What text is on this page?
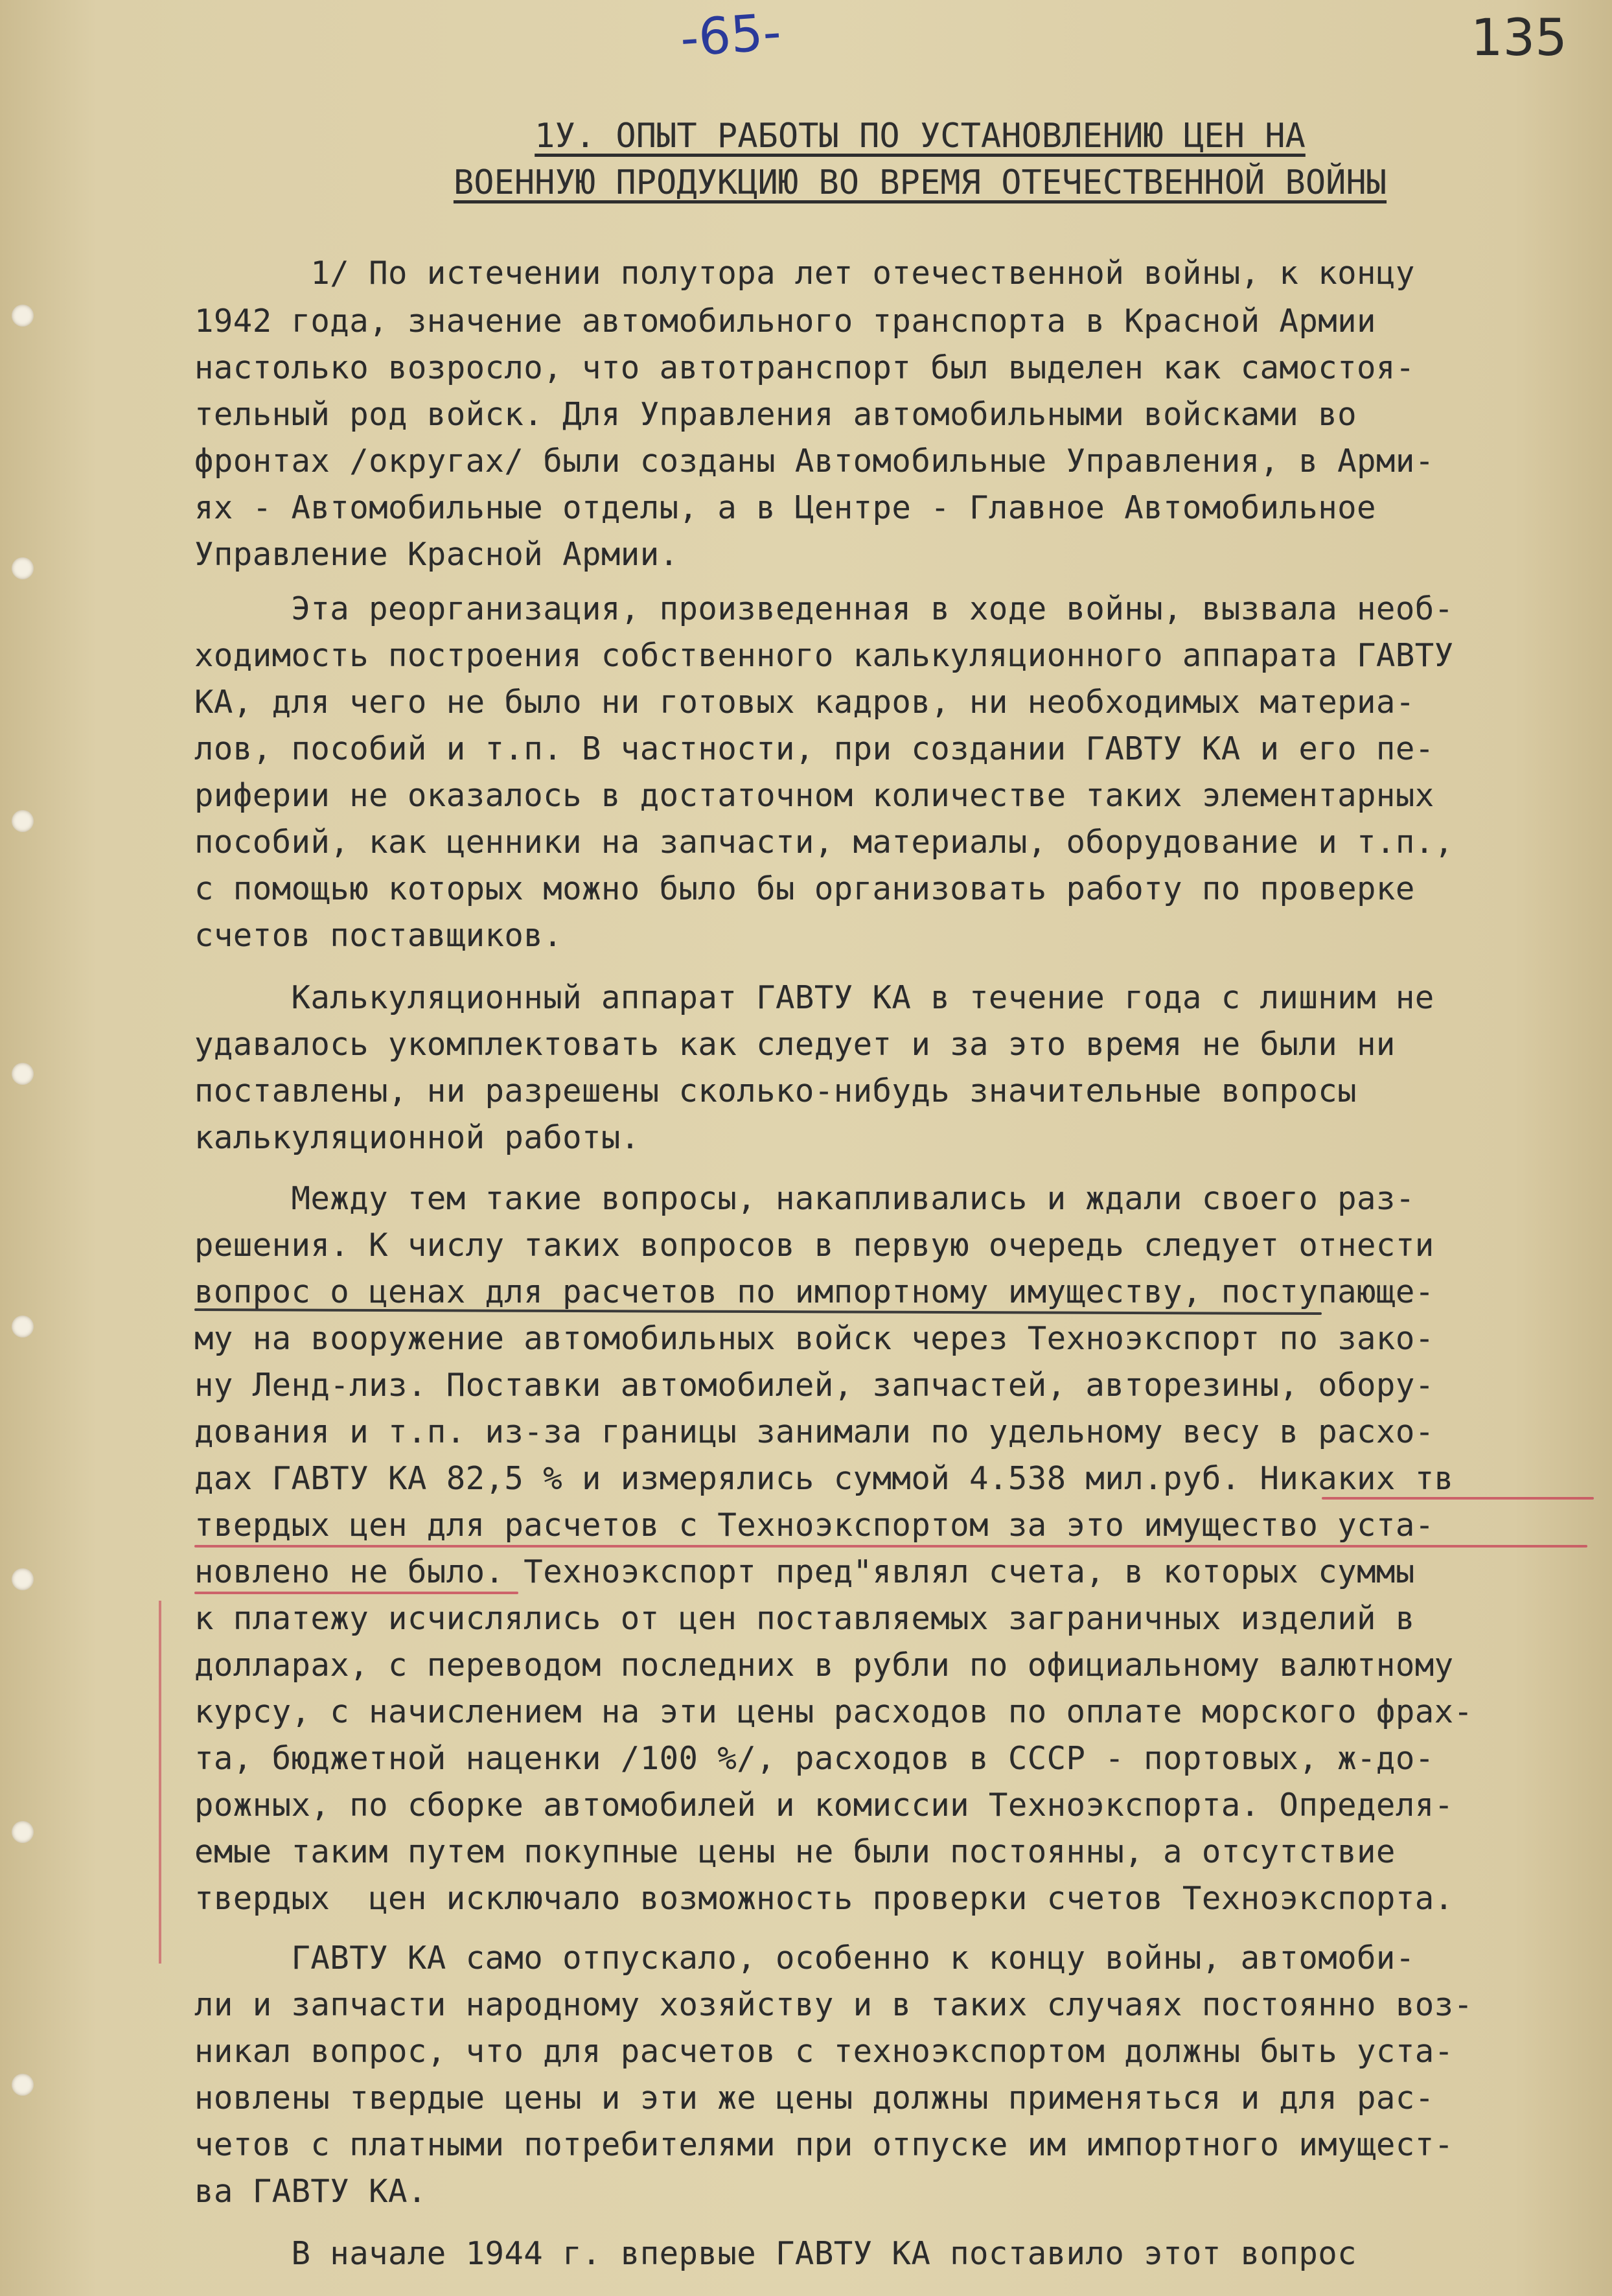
-65-	135
1У. ОПЫТ РАБОТЫ ПО УСТАНОВЛЕНИЮ ЦЕН НА
ВОЕННУЮ ПРОДУКЦИЮ ВО ВРЕМЯ ОТЕЧЕСТВЕННОЙ ВОЙНЫ
1/ По истечении полутора лет отечественной войны, к концу
1942 года, значение автомобильного транспорта в Красной Армии
настолько возросло, что автотранспорт был выделен как самостоя-
тельный род войск. Для Управления автомобильными войсками во
фронтах /округах/ были созданы Автомобильные Управления, в Арми-
ях - Автомобильные отделы, а в Центре - Главное Автомобильное
Управление Красной Армии.
Эта реорганизация, произведенная в ходе войны, вызвала необ-
ходимость построения собственного калькуляционного аппарата ГАВТУ
КА, для чего не было ни готовых кадров, ни необходимых материа-
лов, пособий и т.п. В частности, при создании ГАВТУ КА и его пе-
риферии не оказалось в достаточном количестве таких элементарных
пособий, как ценники на запчасти, материалы, оборудование и т.п.,
с помощью которых можно было бы организовать работу по проверке
счетов поставщиков.
Калькуляционный аппарат ГАВТУ КА в течение года с лишним не
удавалось укомплектовать как следует и за это время не были ни
поставлены, ни разрешены сколько-нибудь значительные вопросы
калькуляционной работы.
Между тем такие вопросы, накапливались и ждали своего раз-
решения. К числу таких вопросов в первую очередь следует отнести
вопрос о ценах для расчетов по импортному имуществу, поступающе-
му на вооружение автомобильных войск через Техноэкспорт по зако-
ну Ленд-лиз. Поставки автомобилей, запчастей, авторезины, обору-
дования и т.п. из-за границы занимали по удельному весу в расхо-
дах ГАВТУ КА 82,5 % и измерялись суммой 4.538 мил.руб. Никаких тв
твердых цен для расчетов с Техноэкспортом за это имущество уста-
новлено не было. Техноэкспорт пред"являл счета, в которых суммы
к платежу исчислялись от цен поставляемых заграничных изделий в
долларах, с переводом последних в рубли по официальному валютному
курсу, с начислением на эти цены расходов по оплате морского фрах-
та, бюджетной наценки /100 %/, расходов в СССР - портовых, ж-до-
рожных, по сборке автомобилей и комиссии Техноэкспорта. Определя-
емые таким путем покупные цены не были постоянны, а отсутствие
твердых  цен исключало возможность проверки счетов Техноэкспорта.
ГАВТУ КА само отпускало, особенно к концу войны, автомоби-
ли и запчасти народному хозяйству и в таких случаях постоянно воз-
никал вопрос, что для расчетов с техноэкспортом должны быть уста-
новлены твердые цены и эти же цены должны применяться и для рас-
четов с платными потребителями при отпуске им импортного имущест-
ва ГАВТУ КА.
В начале 1944 г. впервые ГАВТУ КА поставило этот вопрос
